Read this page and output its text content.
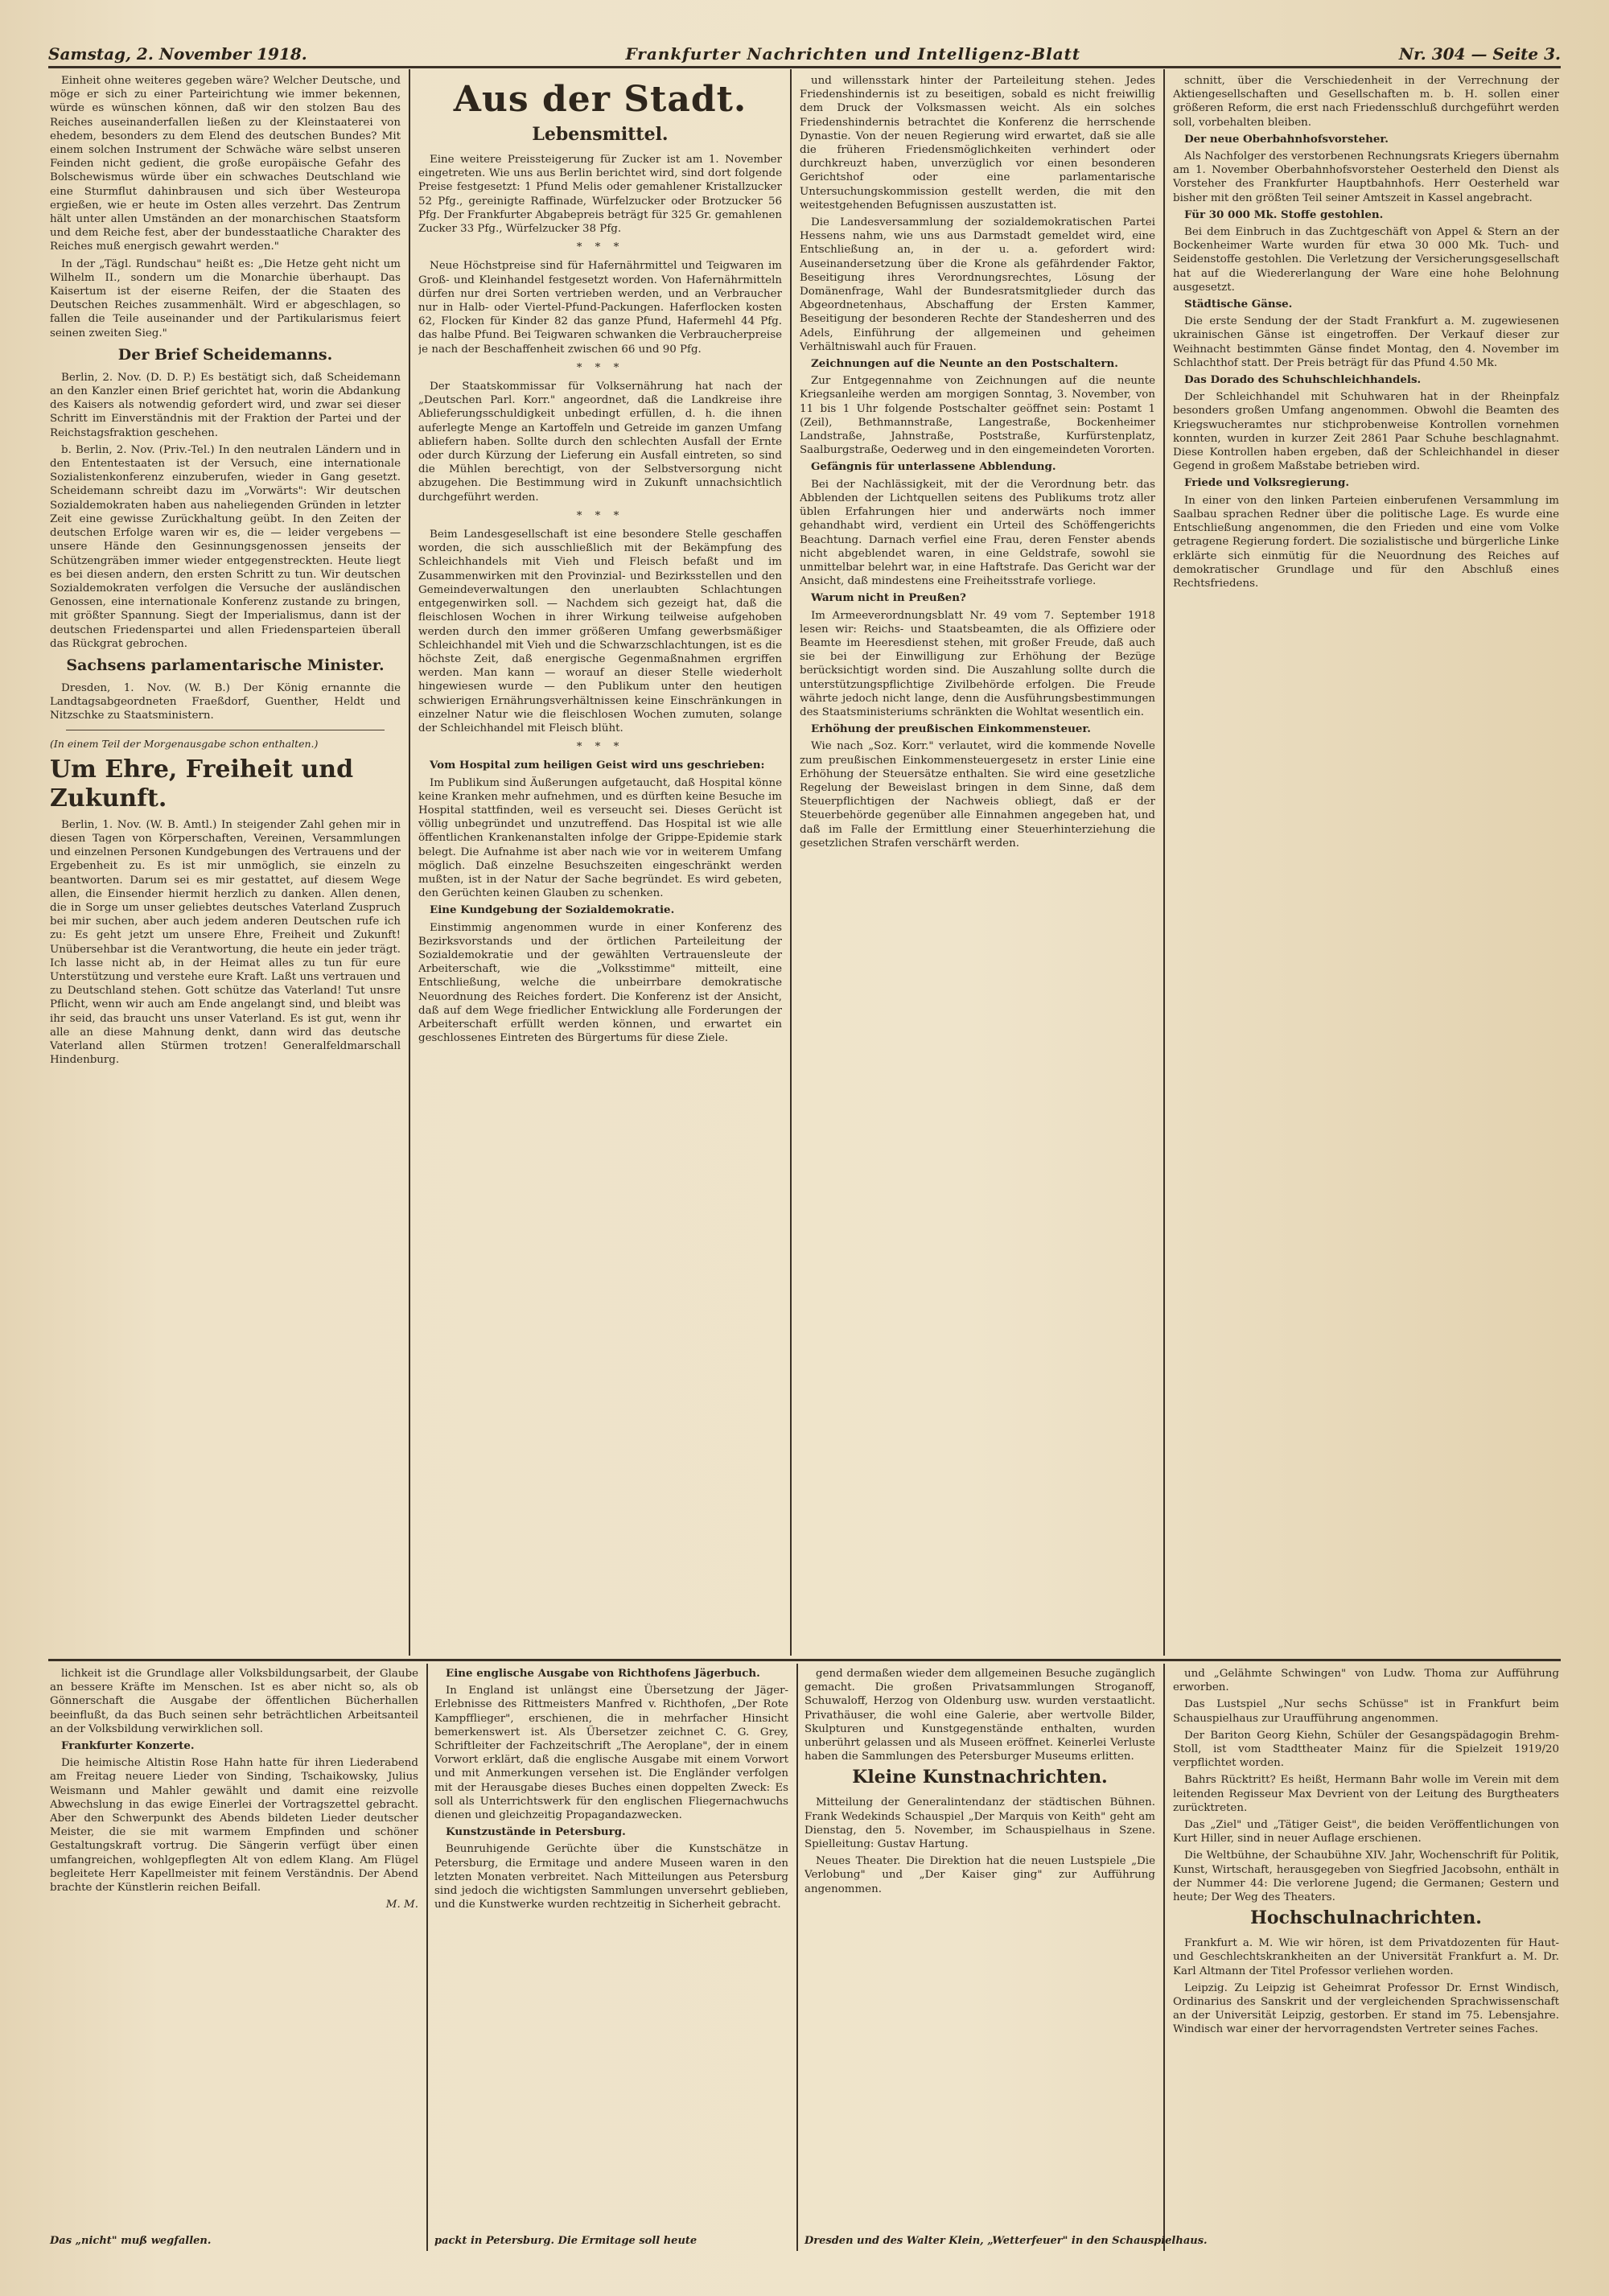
Samstag, 2. November 1918.	Frankfurter Nachrichten und Intelligenz-Blatt	Nr. 304 — Seite 3.

Einheit ohne weiteres gegeben wäre? Welcher Deutsche, und möge er sich zu einer Parteirichtung wie immer bekennen, würde es wünschen können, daß wir den stolzen Bau des Reiches auseinanderfallen ließen zu der Kleinstaaterei von ehedem, besonders zu dem Elend des deutschen Bundes? Mit einem solchen Instrument der Schwäche wäre selbst unseren Feinden nicht gedient, die große europäische Gefahr des Bolschewismus würde über ein schwaches Deutschland wie eine Sturmflut dahinbrausen und sich über Westeuropa ergießen, wie er heute im Osten alles verzehrt. Das Zentrum hält unter allen Umständen an der monarchischen Staatsform und dem Reiche fest, aber der bundesstaatliche Charakter des Reiches muß energisch gewahrt werden."

In der „Tägl. Rundschau" heißt es: „Die Hetze geht nicht um Wilhelm II., sondern um die Monarchie überhaupt. Das Kaisertum ist der eiserne Reifen, der die Staaten des Deutschen Reiches zusammenhält. Wird er abgeschlagen, so fallen die Teile auseinander und der Partikularismus feiert seinen zweiten Sieg."

Der Brief Scheidemanns.

Berlin, 2. Nov. (D. D. P.) Es bestätigt sich, daß Scheidemann an den Kanzler einen Brief gerichtet hat, worin die Abdankung des Kaisers als notwendig gefordert wird, und zwar sei dieser Schritt im Einverständnis mit der Fraktion der Partei und der Reichstagsfraktion geschehen.

b. Berlin, 2. Nov. (Priv.-Tel.) In den neutralen Ländern und in den Ententestaaten ist der Versuch, eine internationale Sozialistenkonferenz einzuberufen, wieder in Gang gesetzt. Scheidemann schreibt dazu im „Vorwärts": Wir deutschen Sozialdemokraten haben aus naheliegenden Gründen in letzter Zeit eine gewisse Zurückhaltung geübt. In den Zeiten der deutschen Erfolge waren wir es, die — leider vergebens — unsere Hände den Gesinnungsgenossen jenseits der Schützengräben immer wieder entgegenstreckten. Heute liegt es bei diesen andern, den ersten Schritt zu tun. Wir deutschen Sozialdemokraten verfolgen die Versuche der ausländischen Genossen, eine internationale Konferenz zustande zu bringen, mit größter Spannung. Siegt der Imperialismus, dann ist der deutschen Friedenspartei und allen Friedensparteien überall das Rückgrat gebrochen.

Sachsens parlamentarische Minister.

Dresden, 1. Nov. (W. B.) Der König ernannte die Landtagsabgeordneten Fraeßdorf, Guenther, Heldt und Nitzschke zu Staatsministern.

(In einem Teil der Morgenausgabe schon enthalten.)
Um Ehre, Freiheit und Zukunft.

Berlin, 1. Nov. (W. B. Amtl.) In steigender Zahl gehen mir in diesen Tagen von Körperschaften, Vereinen, Versammlungen und einzelnen Personen Kundgebungen des Vertrauens und der Ergebenheit zu. Es ist mir unmöglich, sie einzeln zu beantworten. Darum sei es mir gestattet, auf diesem Wege allen, die Einsender hiermit herzlich zu danken. Allen denen, die in Sorge um unser geliebtes deutsches Vaterland Zuspruch bei mir suchen, aber auch jedem anderen Deutschen rufe ich zu: Es geht jetzt um unsere Ehre, Freiheit und Zukunft! Unübersehbar ist die Verantwortung, die heute ein jeder trägt. Ich lasse nicht ab, in der Heimat alles zu tun für eure Unterstützung und verstehe eure Kraft. Laßt uns vertrauen und zu Deutschland stehen. Gott schütze das Vaterland! Tut unsre Pflicht, wenn wir auch am Ende angelangt sind, und bleibt was ihr seid, das braucht uns unser Vaterland. Es ist gut, wenn ihr alle an diese Mahnung denkt, dann wird das deutsche Vaterland allen Stürmen trotzen! Generalfeldmarschall Hindenburg.

Aus der Stadt.
Lebensmittel.

Eine weitere Preissteigerung für Zucker ist am 1. November eingetreten. Wie uns aus Berlin berichtet wird, sind dort folgende Preise festgesetzt: 1 Pfund Melis oder gemahlener Kristallzucker 52 Pfg., gereinigte Raffinade, Würfelzucker oder Brotzucker 56 Pfg. Der Frankfurter Abgabepreis beträgt für 325 Gr. gemahlenen Zucker 33 Pfg., Würfelzucker 38 Pfg.

* * *

Neue Höchstpreise sind für Hafernährmittel und Teigwaren im Groß- und Kleinhandel festgesetzt worden. Von Hafernährmitteln dürfen nur drei Sorten vertrieben werden, und an Verbraucher nur in Halb- oder Viertel-Pfund-Packungen. Haferflocken kosten 62, Flocken für Kinder 82 das ganze Pfund, Hafermehl 44 Pfg. das halbe Pfund. Bei Teigwaren schwanken die Verbraucherpreise je nach der Beschaffenheit zwischen 66 und 90 Pfg.

* * *

Der Staatskommissar für Volksernährung hat nach der „Deutschen Parl. Korr." angeordnet, daß die Landkreise ihre Ablieferungsschuldigkeit unbedingt erfüllen, d. h. die ihnen auferlegte Menge an Kartoffeln und Getreide im ganzen Umfang abliefern haben. Sollte durch den schlechten Ausfall der Ernte oder durch Kürzung der Lieferung ein Ausfall eintreten, so sind die Mühlen berechtigt, von der Selbstversorgung nicht abzugehen. Die Bestimmung wird in Zukunft unnachsichtlich durchgeführt werden.

* * *

Beim Landesgesellschaft ist eine besondere Stelle geschaffen worden, die sich ausschließlich mit der Bekämpfung des Schleichhandels mit Vieh und Fleisch befaßt und im Zusammenwirken mit den Provinzial- und Bezirksstellen und den Gemeindeverwaltungen den unerlaubten Schlachtungen entgegenwirken soll. — Nachdem sich gezeigt hat, daß die fleischlosen Wochen in ihrer Wirkung teilweise aufgehoben werden durch den immer größeren Umfang gewerbsmäßiger Schleichhandel mit Vieh und die Schwarzschlachtungen, ist es die höchste Zeit, daß energische Gegenmaßnahmen ergriffen werden. Man kann — worauf an dieser Stelle wiederholt hingewiesen wurde — den Publikum unter den heutigen schwierigen Ernährungsverhältnissen keine Einschränkungen in einzelner Natur wie die fleischlosen Wochen zumuten, solange der Schleichhandel mit Fleisch blüht.

* * *

Vom Hospital zum heiligen Geist wird uns geschrieben:

Im Publikum sind Äußerungen aufgetaucht, daß Hospital könne keine Kranken mehr aufnehmen, und es dürften keine Besuche im Hospital stattfinden, weil es verseucht sei. Dieses Gerücht ist völlig unbegründet und unzutreffend. Das Hospital ist wie alle öffentlichen Krankenanstalten infolge der Grippe-Epidemie stark belegt. Die Aufnahme ist aber nach wie vor in weiterem Umfang möglich. Daß einzelne Besuchszeiten eingeschränkt werden mußten, ist in der Natur der Sache begründet. Es wird gebeten, den Gerüchten keinen Glauben zu schenken.

Eine Kundgebung der Sozialdemokratie.

Einstimmig angenommen wurde in einer Konferenz des Bezirksvorstands und der örtlichen Parteileitung der Sozialdemokratie und der gewählten Vertrauensleute der Arbeiterschaft, wie die „Volksstimme" mitteilt, eine Entschließung, welche die unbeirrbare demokratische Neuordnung des Reiches fordert. Die Konferenz ist der Ansicht, daß auf dem Wege friedlicher Entwicklung alle Forderungen der Arbeiterschaft erfüllt werden können, und erwartet ein geschlossenes Eintreten des Bürgertums für diese Ziele.

und willensstark hinter der Parteileitung stehen. Jedes Friedenshindernis ist zu beseitigen, sobald es nicht freiwillig dem Druck der Volksmassen weicht. Als ein solches Friedenshindernis betrachtet die Konferenz die herrschende Dynastie. Von der neuen Regierung wird erwartet, daß sie alle die früheren Friedensmöglichkeiten verhindert oder durchkreuzt haben, unverzüglich vor einen besonderen Gerichtshof oder eine parlamentarische Untersuchungskommission gestellt werden, die mit den weitestgehenden Befugnissen auszustatten ist.

Die Landesversammlung der sozialdemokratischen Partei Hessens nahm, wie uns aus Darmstadt gemeldet wird, eine Entschließung an, in der u. a. gefordert wird: Auseinandersetzung über die Krone als gefährdender Faktor, Beseitigung ihres Verordnungsrechtes, Lösung der Domänenfrage, Wahl der Bundesratsmitglieder durch das Abgeordnetenhaus, Abschaffung der Ersten Kammer, Beseitigung der besonderen Rechte der Standesherren und des Adels, Einführung der allgemeinen und geheimen Verhältniswahl auch für Frauen.

Zeichnungen auf die Neunte an den Postschaltern.

Zur Entgegennahme von Zeichnungen auf die neunte Kriegsanleihe werden am morgigen Sonntag, 3. November, von 11 bis 1 Uhr folgende Postschalter geöffnet sein: Postamt 1 (Zeil), Bethmannstraße, Langestraße, Bockenheimer Landstraße, Jahnstraße, Poststraße, Kurfürstenplatz, Saalburgstraße, Oederweg und in den eingemeindeten Vororten.

Gefängnis für unterlassene Abblendung.

Bei der Nachlässigkeit, mit der die Verordnung betr. das Abblenden der Lichtquellen seitens des Publikums trotz aller üblen Erfahrungen hier und anderwärts noch immer gehandhabt wird, verdient ein Urteil des Schöffengerichts Beachtung. Darnach verfiel eine Frau, deren Fenster abends nicht abgeblendet waren, in eine Geldstrafe, sowohl sie unmittelbar belehrt war, in eine Haftstrafe. Das Gericht war der Ansicht, daß mindestens eine Freiheitsstrafe vorliege.

Warum nicht in Preußen?

Im Armeeverordnungsblatt Nr. 49 vom 7. September 1918 lesen wir: Reichs- und Staatsbeamten, die als Offiziere oder Beamte im Heeresdienst stehen, mit großer Freude, daß auch sie bei der Einwilligung zur Erhöhung der Bezüge berücksichtigt worden sind. Die Auszahlung sollte durch die unterstützungspflichtige Zivilbehörde erfolgen. Die Freude währte jedoch nicht lange, denn die Ausführungsbestimmungen des Staatsministeriums schränkten die Wohltat wesentlich ein.

Erhöhung der preußischen Einkommensteuer.

Wie nach „Soz. Korr." verlautet, wird die kommende Novelle zum preußischen Einkommensteuergesetz in erster Linie eine Erhöhung der Steuersätze enthalten. Sie wird eine gesetzliche Regelung der Beweislast bringen in dem Sinne, daß dem Steuerpflichtigen der Nachweis obliegt, daß er der Steuerbehörde gegenüber alle Einnahmen angegeben hat, und daß im Falle der Ermittlung einer Steuerhinterziehung die gesetzlichen Strafen verschärft werden.

schnitt, über die Verschiedenheit in der Verrechnung der Aktiengesellschaften und Gesellschaften m. b. H. sollen einer größeren Reform, die erst nach Friedensschluß durchgeführt werden soll, vorbehalten bleiben.

Der neue Oberbahnhofsvorsteher.

Als Nachfolger des verstorbenen Rechnungsrats Kriegers übernahm am 1. November Oberbahnhofsvorsteher Oesterheld den Dienst als Vorsteher des Frankfurter Hauptbahnhofs. Herr Oesterheld war bisher mit den größten Teil seiner Amtszeit in Kassel angebracht.

Für 30 000 Mk. Stoffe gestohlen.

Bei dem Einbruch in das Zuchtgeschäft von Appel & Stern an der Bockenheimer Warte wurden für etwa 30 000 Mk. Tuch- und Seidenstoffe gestohlen. Die Verletzung der Versicherungsgesellschaft hat auf die Wiedererlangung der Ware eine hohe Belohnung ausgesetzt.

Städtische Gänse.

Die erste Sendung der der Stadt Frankfurt a. M. zugewiesenen ukrainischen Gänse ist eingetroffen. Der Verkauf dieser zur Weihnacht bestimmten Gänse findet Montag, den 4. November im Schlachthof statt. Der Preis beträgt für das Pfund 4.50 Mk.

Das Dorado des Schuhschleichhandels.

Der Schleichhandel mit Schuhwaren hat in der Rheinpfalz besonders großen Umfang angenommen. Obwohl die Beamten des Kriegswucheramtes nur stichprobenweise Kontrollen vornehmen konnten, wurden in kurzer Zeit 2861 Paar Schuhe beschlagnahmt. Diese Kontrollen haben ergeben, daß der Schleichhandel in dieser Gegend in großem Maßstabe betrieben wird.

Friede und Volksregierung.

In einer von den linken Parteien einberufenen Versammlung im Saalbau sprachen Redner über die politische Lage. Es wurde eine Entschließung angenommen, die den Frieden und eine vom Volke getragene Regierung fordert. Die sozialistische und bürgerliche Linke erklärte sich einmütig für die Neuordnung des Reiches auf demokratischer Grundlage und für den Abschluß eines Rechtsfriedens.

lichkeit ist die Grundlage aller Volksbildungsarbeit, der Glaube an bessere Kräfte im Menschen. Ist es aber nicht so, als ob Gönnerschaft die Ausgabe der öffentlichen Bücherhallen beeinflußt, da das Buch seinen sehr beträchtlichen Arbeitsanteil an der Volksbildung verwirklichen soll.

Frankfurter Konzerte.

Die heimische Altistin Rose Hahn hatte für ihren Liederabend am Freitag neuere Lieder von Sinding, Tschaikowsky, Julius Weismann und Mahler gewählt und damit eine reizvolle Abwechslung in das ewige Einerlei der Vortragszettel gebracht. Aber den Schwerpunkt des Abends bildeten Lieder deutscher Meister, die sie mit warmem Empfinden und schöner Gestaltungskraft vortrug. Die Sängerin verfügt über einen umfangreichen, wohlgepflegten Alt von edlem Klang. Am Flügel begleitete Herr Kapellmeister mit feinem Verständnis. Der Abend brachte der Künstlerin reichen Beifall.

M. M.

Eine englische Ausgabe von Richthofens Jägerbuch.

In England ist unlängst eine Übersetzung der Jäger-Erlebnisse des Rittmeisters Manfred v. Richthofen, „Der Rote Kampfflieger", erschienen, die in mehrfacher Hinsicht bemerkenswert ist. Als Übersetzer zeichnet C. G. Grey, Schriftleiter der Fachzeitschrift „The Aeroplane", der in einem Vorwort erklärt, daß die englische Ausgabe mit einem Vorwort und mit Anmerkungen versehen ist. Die Engländer verfolgen mit der Herausgabe dieses Buches einen doppelten Zweck: Es soll als Unterrichtswerk für den englischen Fliegernachwuchs dienen und gleichzeitig Propagandazwecken.

Kunstzustände in Petersburg.

Beunruhigende Gerüchte über die Kunstschätze in Petersburg, die Ermitage und andere Museen waren in den letzten Monaten verbreitet. Nach Mitteilungen aus Petersburg sind jedoch die wichtigsten Sammlungen unversehrt geblieben, und die Kunstwerke wurden rechtzeitig in Sicherheit gebracht.

gend dermaßen wieder dem allgemeinen Besuche zugänglich gemacht. Die großen Privatsammlungen Stroganoff, Schuwaloff, Herzog von Oldenburg usw. wurden verstaatlicht. Privathäuser, die wohl eine Galerie, aber wertvolle Bilder, Skulpturen und Kunstgegenstände enthalten, wurden unberührt gelassen und als Museen eröffnet. Keinerlei Verluste haben die Sammlungen des Petersburger Museums erlitten.

Kleine Kunstnachrichten.

Mitteilung der Generalintendanz der städtischen Bühnen. Frank Wedekinds Schauspiel „Der Marquis von Keith" geht am Dienstag, den 5. November, im Schauspielhaus in Szene. Spielleitung: Gustav Hartung.

Neues Theater. Die Direktion hat die neuen Lustspiele „Die Verlobung" und „Der Kaiser ging" zur Aufführung angenommen.

und „Gelähmte Schwingen" von Ludw. Thoma zur Aufführung erworben.

Das Lustspiel „Nur sechs Schüsse" ist in Frankfurt beim Schauspielhaus zur Uraufführung angenommen.

Der Bariton Georg Kiehn, Schüler der Gesangspädagogin Brehm-Stoll, ist vom Stadttheater Mainz für die Spielzeit 1919/20 verpflichtet worden.

Bahrs Rücktritt? Es heißt, Hermann Bahr wolle im Verein mit dem leitenden Regisseur Max Devrient von der Leitung des Burgtheaters zurücktreten.

Das „Ziel" und „Tätiger Geist", die beiden Veröffentlichungen von Kurt Hiller, sind in neuer Auflage erschienen.

Die Weltbühne, der Schaubühne XIV. Jahr, Wochenschrift für Politik, Kunst, Wirtschaft, herausgegeben von Siegfried Jacobsohn, enthält in der Nummer 44: Die verlorene Jugend; die Germanen; Gestern und heute; Der Weg des Theaters.

Hochschulnachrichten.

Frankfurt a. M. Wie wir hören, ist dem Privatdozenten für Haut- und Geschlechtskrankheiten an der Universität Frankfurt a. M. Dr. Karl Altmann der Titel Professor verliehen worden.

Leipzig. Zu Leipzig ist Geheimrat Professor Dr. Ernst Windisch, Ordinarius des Sanskrit und der vergleichenden Sprachwissenschaft an der Universität Leipzig, gestorben. Er stand im 75. Lebensjahre. Windisch war einer der hervorragendsten Vertreter seines Faches.

Das „nicht" muß wegfallen.	packt in Petersburg. Die Ermitage soll heute	Dresden und des Walter Klein, „Wetterfeuer" in den Schauspielhaus.
